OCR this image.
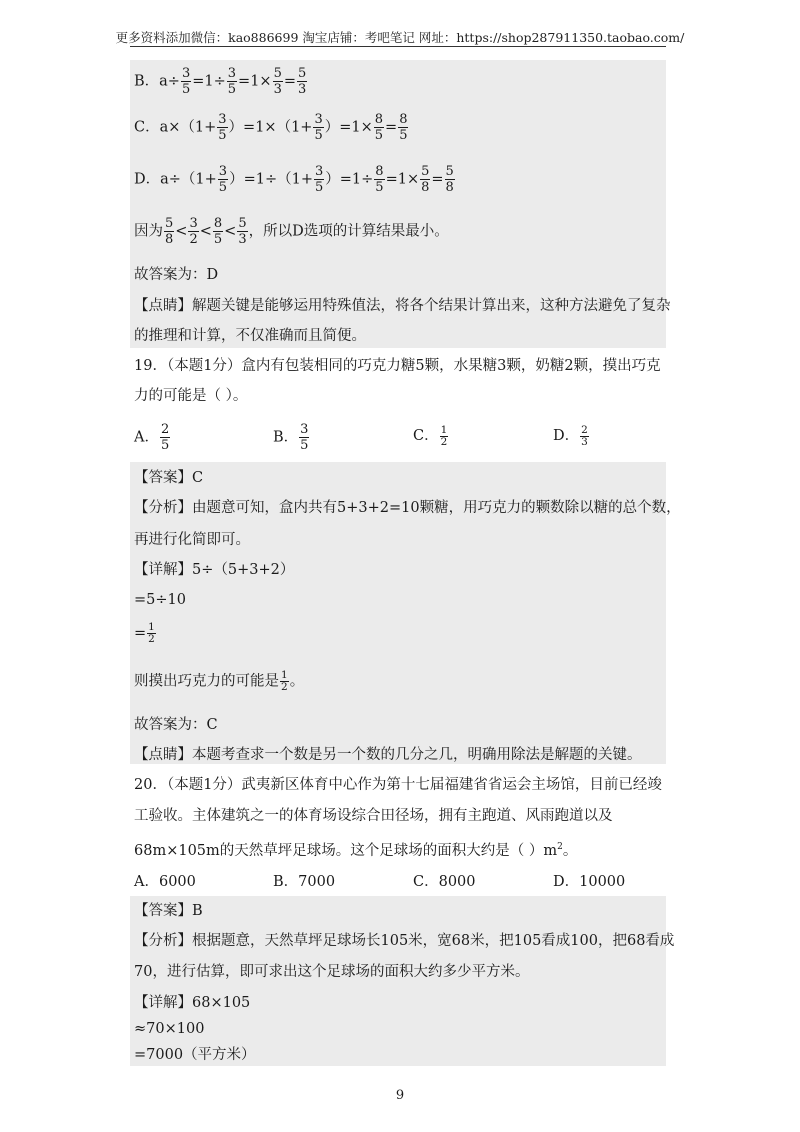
更多资料添加微信：kao886699 淘宝店铺：考吧笔记 网址：https://shop287911350.taobao.com/
B．$a\div \frac{3}{5} =1\div \frac{3}{5} =1\times \frac{5}{3} = \frac{5}{3}$
C．$a\times(1+ \frac{3}{5} )=1\times(1+ \frac{3}{5} )=1\times \frac{8}{5} = \frac{8}{5}$
D．$a\div(1+ \frac{3}{5} )=1\div(1+ \frac{3}{5} )=1\div \frac{8}{5} =1\times \frac{5}{8} = \frac{5}{8}$
因为 $\frac{5}{8} < \frac{3}{2} < \frac{8}{5} < \frac{5}{3}$ ，所以D选项的计算结果最小。
故答案为：D
【点睛】解题关键是能够运用特殊值法，将各个结果计算出来，这种方法避免了复杂
的推理和计算，不仅准确而且简便。
19．（本题1分）盒内有包装相同的巧克力糖5颗，水果糖3颗，奶糖2颗，摸出巧克
力的可能是（ ）。
A． $\frac{2}{5}$	B． $\frac{3}{5}$	C． $\frac{1}{2}$	D． $\frac{2}{3}$
【答案】C
【分析】由题意可知，盒内共有5+3+2=10颗糖，用巧克力的颗数除以糖的总个数，
再进行化简即可。
【详解】5÷（5+3+2）
=5÷10
= $\frac{1}{2}$
则摸出巧克力的可能是 $\frac{1}{2}$ 。
故答案为：C
【点睛】本题考查求一个数是另一个数的几分之几，明确用除法是解题的关键。
20．（本题1分）武夷新区体育中心作为第十七届福建省省运会主场馆，目前已经竣
工验收。主体建筑之一的体育场设综合田径场，拥有主跑道、风雨跑道以及
68m×105m的天然草坪足球场。这个足球场的面积大约是（ ）$m^2$。
A．6000	B．7000	C．8000	D．10000
【答案】B
【分析】根据题意，天然草坪足球场长105米，宽68米，把105看成100，把68看成
70，进行估算，即可求出这个足球场的面积大约多少平方米。
【详解】68×105
≈70×100
=7000（平方米）
9
